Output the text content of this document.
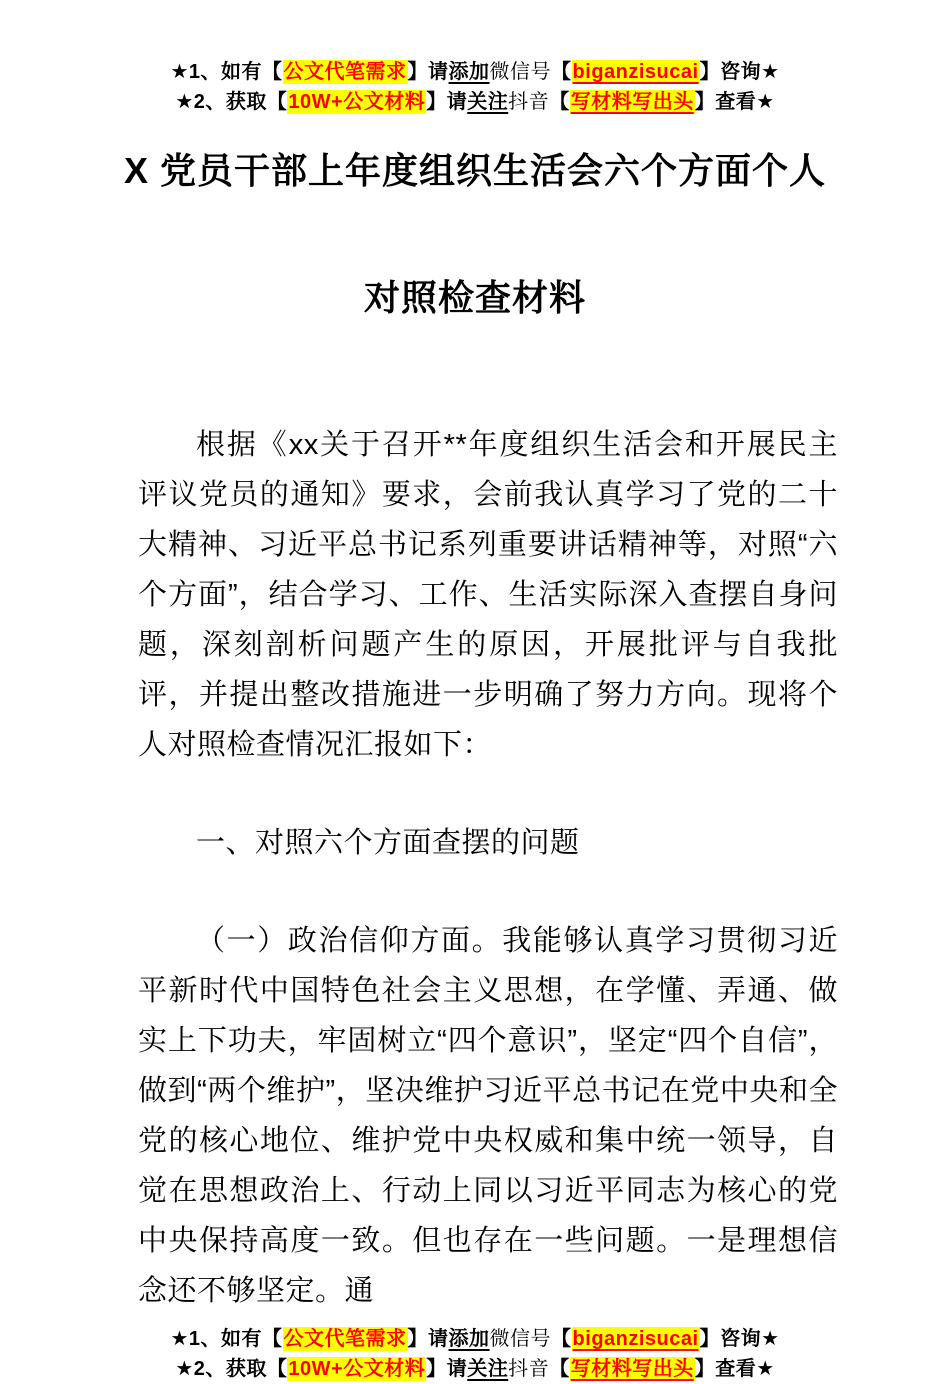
★1、如有【公文代笔需求】请添加微信号【biganzisucai】咨询★
★2、获取【10W+公文材料】请关注抖音【写材料写出头】查看★
X 党员干部上年度组织生活会六个方面个人
对照检查材料

根据《xx关于召开**年度组织生活会和开展民主评议党员的通知》要求，会前我认真学习了党的二十大精神、习近平总书记系列重要讲话精神等，对照“六个方面”，结合学习、工作、生活实际深入查摆自身问题，深刻剖析问题产生的原因，开展批评与自我批评，并提出整改措施进一步明确了努力方向。现将个人对照检查情况汇报如下：

一、对照六个方面查摆的问题

（一）政治信仰方面。我能够认真学习贯彻习近平新时代中国特色社会主义思想，在学懂、弄通、做实上下功夫，牢固树立“四个意识”，坚定“四个自信”，做到“两个维护”，坚决维护习近平总书记在党中央和全党的核心地位、维护党中央权威和集中统一领导，自觉在思想政治上、行动上同以习近平同志为核心的党中央保持高度一致。但也存在一些问题。一是理想信念还不够坚定。通

★1、如有【公文代笔需求】请添加微信号【biganzisucai】咨询★
★2、获取【10W+公文材料】请关注抖音【写材料写出头】查看★
